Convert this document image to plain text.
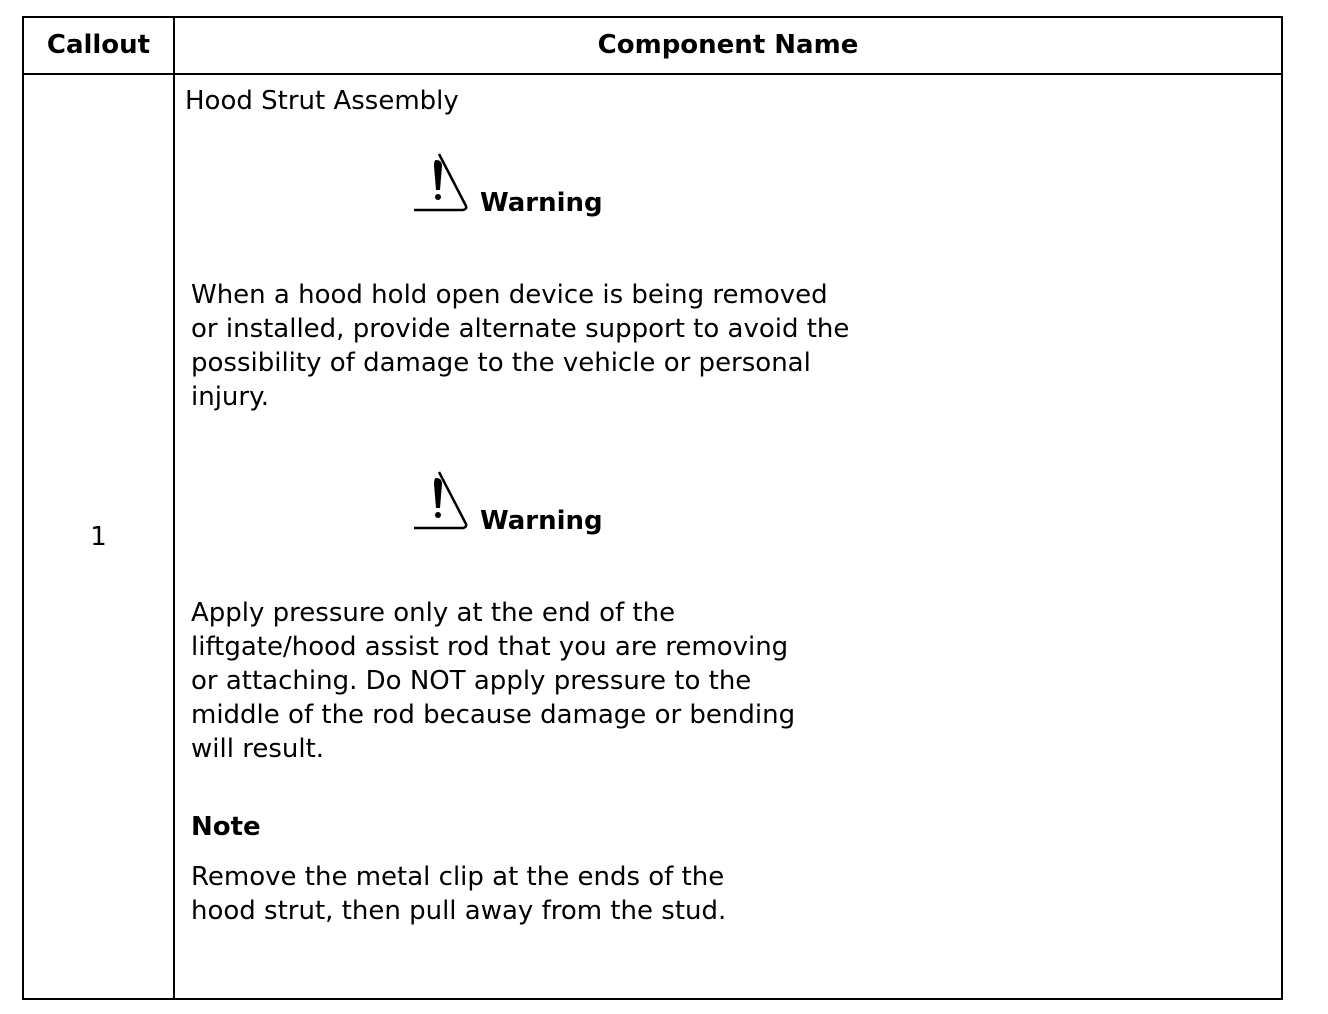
Callout	Component Name
1
Hood Strut Assembly
Warning
When a hood hold open device is being removed or installed, provide alternate support to avoid the possibility of damage to the vehicle or personal injury.
Warning
Apply pressure only at the end of the liftgate/hood assist rod that you are removing or attaching. Do NOT apply pressure to the middle of the rod because damage or bending will result.
Note
Remove the metal clip at the ends of the hood strut, then pull away from the stud.
